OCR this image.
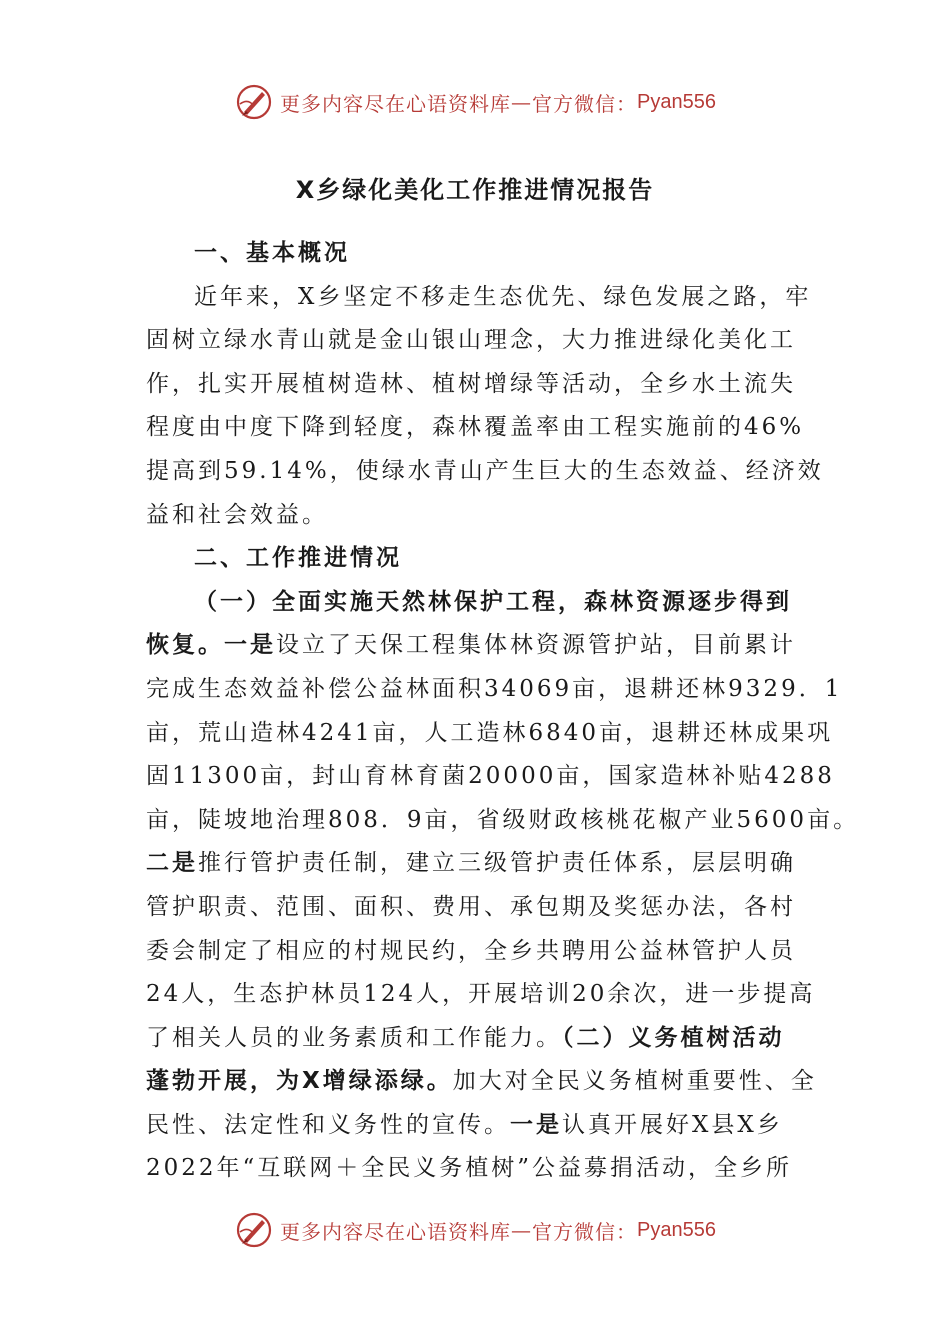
更多内容尽在心语资料库 — 官方微信： Pyan556
X乡绿化美化工作推进情况报告
一、基本概况
近年来，X乡坚定不移走生态优先、绿色发展之路，牢
固树立绿水青山就是金山银山理念，大力推进绿化美化工
作，扎实开展植树造林、植树增绿等活动，全乡水土流失
程度由中度下降到轻度，森林覆盖率由工程实施前的46%
提高到59.14%，使绿水青山产生巨大的生态效益、经济效
益和社会效益。
二、工作推进情况
（一）全面实施天然林保护工程，森林资源逐步得到
恢复。一是设立了天保工程集体林资源管护站，目前累计
完成生态效益补偿公益林面积34069亩，退耕还林9329．1
亩，荒山造林4241亩，人工造林6840亩，退耕还林成果巩
固11300亩，封山育林育菌20000亩，国家造林补贴4288
亩，陡坡地治理808．9亩，省级财政核桃花椒产业5600亩。
二是推行管护责任制，建立三级管护责任体系，层层明确
管护职责、范围、面积、费用、承包期及奖惩办法，各村
委会制定了相应的村规民约，全乡共聘用公益林管护人员
24人，生态护林员124人，开展培训20余次，进一步提高
了相关人员的业务素质和工作能力。（二）义务植树活动
蓬勃开展，为X增绿添绿。加大对全民义务植树重要性、全
民性、法定性和义务性的宣传。一是认真开展好X县X乡
2022年“互联网＋全民义务植树”公益募捐活动，全乡所
更多内容尽在心语资料库 — 官方微信： Pyan556
